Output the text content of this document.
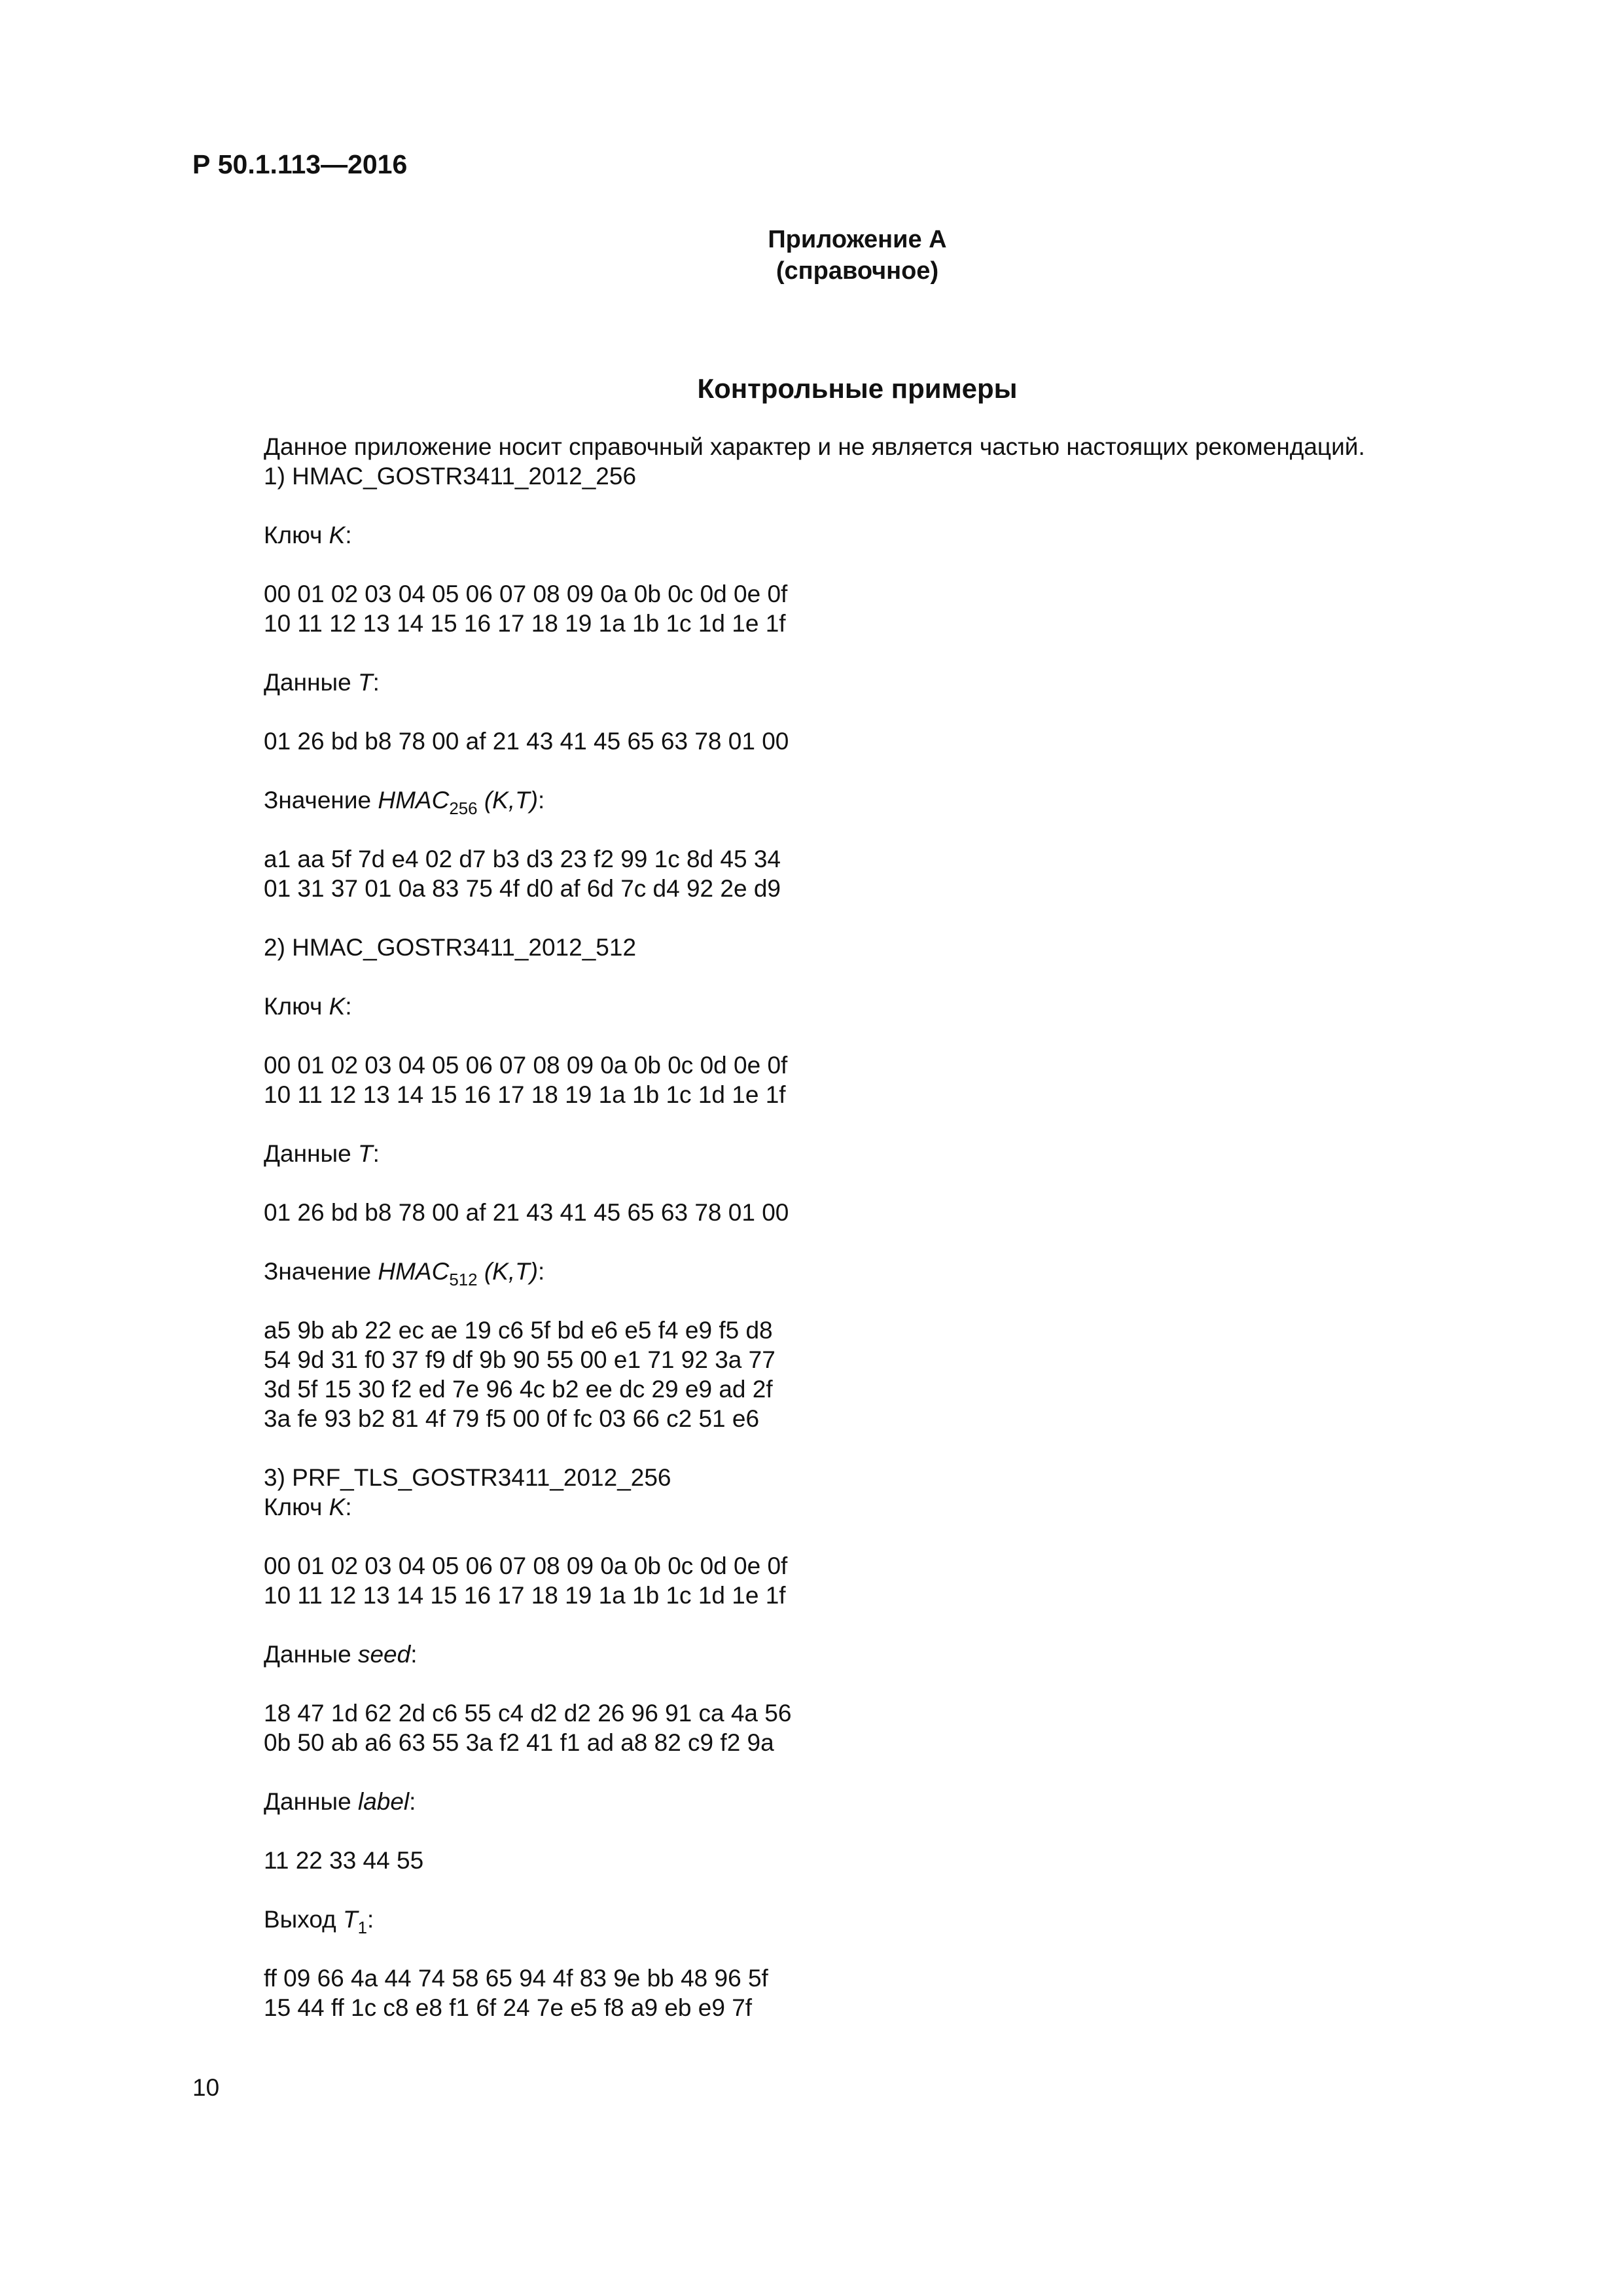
Р 50.1.113—2016
Приложение А
(справочное)
Контрольные примеры
Данное приложение носит справочный характер и не является частью настоящих рекомендаций.
1) HMAC_GOSTR3411_2012_256
Ключ K:
00 01 02 03 04 05 06 07 08 09 0a 0b 0c 0d 0e 0f
10 11 12 13 14 15 16 17 18 19 1a 1b 1c 1d 1e 1f
Данные T:
01 26 bd b8 78 00 af 21 43 41 45 65 63 78 01 00
Значение $HMAC_{256}$ (K,T):
a1 aa 5f 7d e4 02 d7 b3 d3 23 f2 99 1c 8d 45 34
01 31 37 01 0a 83 75 4f d0 af 6d 7c d4 92 2e d9
2) HMAC_GOSTR3411_2012_512
Ключ K:
00 01 02 03 04 05 06 07 08 09 0a 0b 0c 0d 0e 0f
10 11 12 13 14 15 16 17 18 19 1a 1b 1c 1d 1e 1f
Данные T:
01 26 bd b8 78 00 af 21 43 41 45 65 63 78 01 00
Значение $HMAC_{512}$ (K,T):
a5 9b ab 22 ec ae 19 c6 5f bd e6 e5 f4 e9 f5 d8
54 9d 31 f0 37 f9 df 9b 90 55 00 e1 71 92 3a 77
3d 5f 15 30 f2 ed 7e 96 4c b2 ee dc 29 e9 ad 2f
3a fe 93 b2 81 4f 79 f5 00 0f fc 03 66 c2 51 e6
3) PRF_TLS_GOSTR3411_2012_256
Ключ K:
00 01 02 03 04 05 06 07 08 09 0a 0b 0c 0d 0e 0f
10 11 12 13 14 15 16 17 18 19 1a 1b 1c 1d 1e 1f
Данные seed:
18 47 1d 62 2d c6 55 c4 d2 d2 26 96 91 ca 4a 56
0b 50 ab a6 63 55 3a f2 41 f1 ad a8 82 c9 f2 9a
Данные label:
11 22 33 44 55
Выход $T_1$:
ff 09 66 4a 44 74 58 65 94 4f 83 9e bb 48 96 5f
15 44 ff 1c c8 e8 f1 6f 24 7e e5 f8 a9 eb e9 7f
10
